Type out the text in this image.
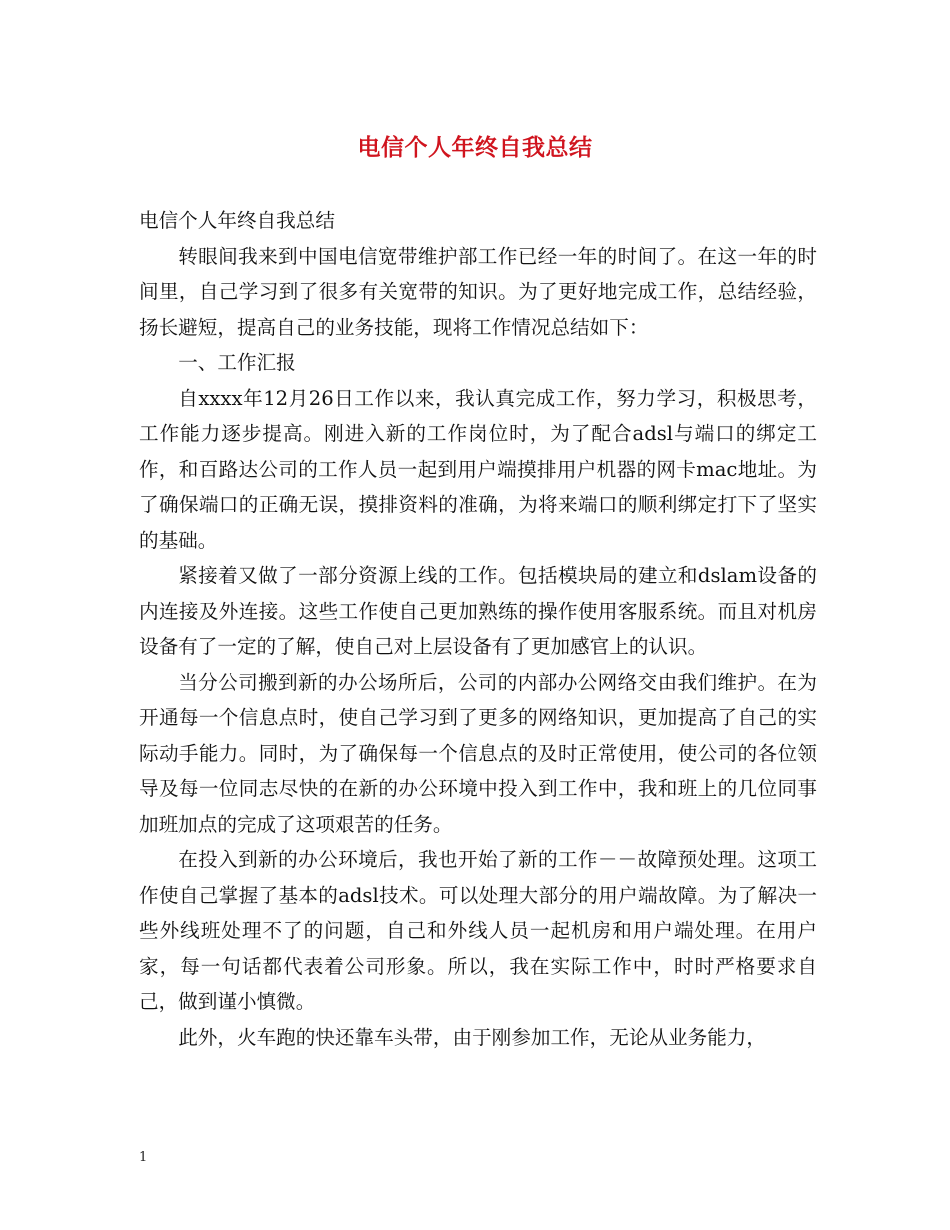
电信个人年终自我总结

电信个人年终自我总结

转眼间我来到中国电信宽带维护部工作已经一年的时间了。在这一年的时间里，自己学习到了很多有关宽带的知识。为了更好地完成工作，总结经验，扬长避短，提高自己的业务技能，现将工作情况总结如下：

一、工作汇报

自xxxx年12月26日工作以来，我认真完成工作，努力学习，积极思考，工作能力逐步提高。刚进入新的工作岗位时，为了配合adsl与端口的绑定工作，和百路达公司的工作人员一起到用户端摸排用户机器的网卡mac地址。为了确保端口的正确无误，摸排资料的准确，为将来端口的顺利绑定打下了坚实的基础。

紧接着又做了一部分资源上线的工作。包括模块局的建立和dslam设备的内连接及外连接。这些工作使自己更加熟练的操作使用客服系统。而且对机房设备有了一定的了解，使自己对上层设备有了更加感官上的认识。

当分公司搬到新的办公场所后，公司的内部办公网络交由我们维护。在为开通每一个信息点时，使自己学习到了更多的网络知识，更加提高了自己的实际动手能力。同时，为了确保每一个信息点的及时正常使用，使公司的各位领导及每一位同志尽快的在新的办公环境中投入到工作中，我和班上的几位同事加班加点的完成了这项艰苦的任务。

在投入到新的办公环境后，我也开始了新的工作－－故障预处理。这项工作使自己掌握了基本的adsl技术。可以处理大部分的用户端故障。为了解决一些外线班处理不了的问题，自己和外线人员一起机房和用户端处理。在用户家，每一句话都代表着公司形象。所以，我在实际工作中，时时严格要求自己，做到谨小慎微。

此外，火车跑的快还靠车头带，由于刚参加工作，无论从业务能力，

1
